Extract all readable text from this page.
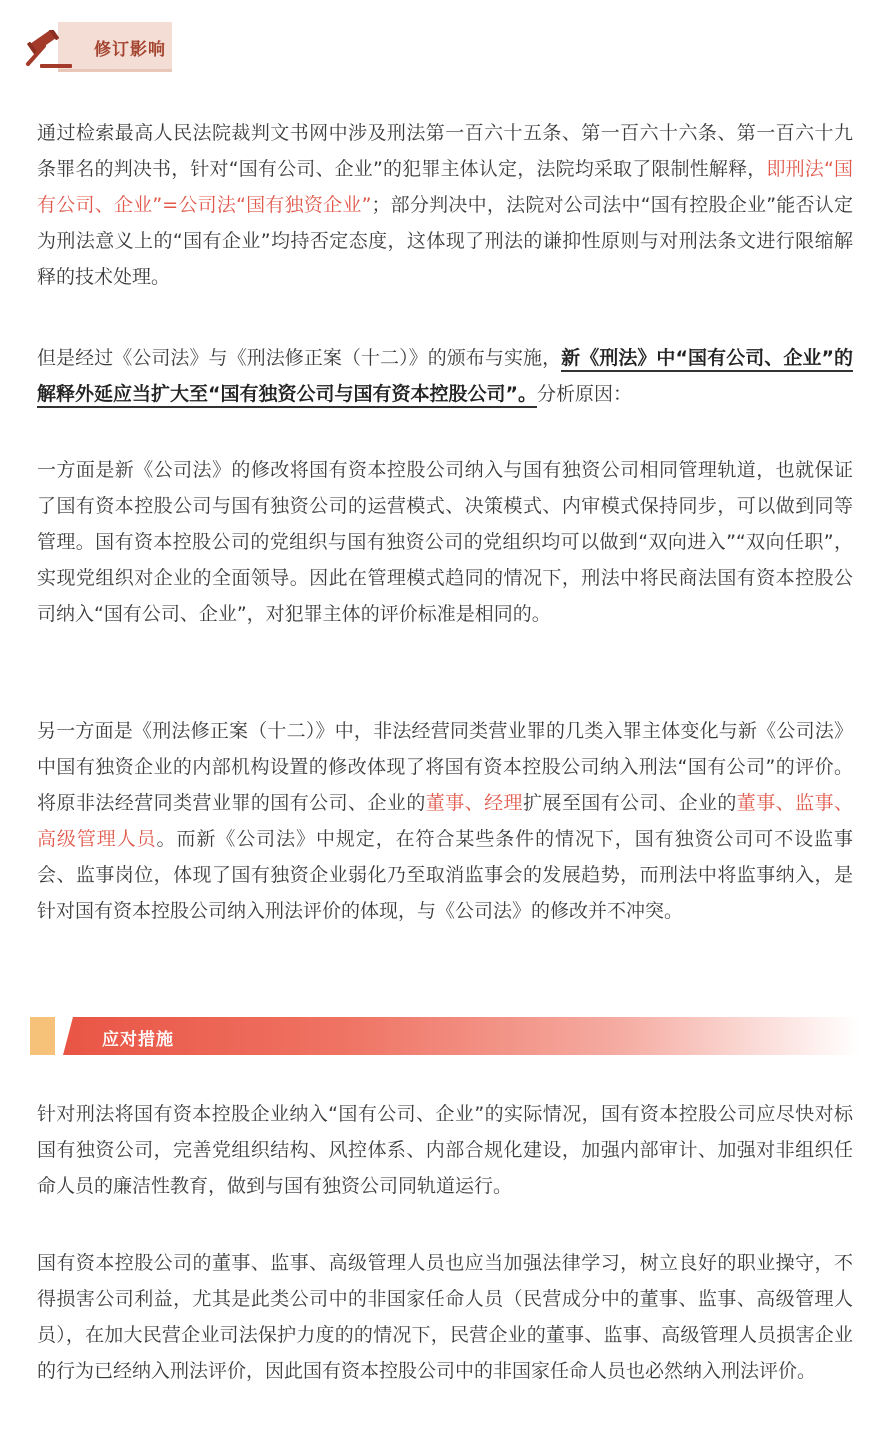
修订影响

通过检索最高人民法院裁判文书网中涉及刑法第一百六十五条、第一百六十六条、第一百六十九条罪名的判决书，针对“国有公司、企业”的犯罪主体认定，法院均采取了限制性解释，即刑法“国有公司、企业”=公司法“国有独资企业”；部分判决中，法院对公司法中“国有控股企业”能否认定为刑法意义上的“国有企业”均持否定态度，这体现了刑法的谦抑性原则与对刑法条文进行限缩解释的技术处理。

但是经过《公司法》与《刑法修正案（十二）》的颁布与实施，新《刑法》中“国有公司、企业”的解释外延应当扩大至“国有独资公司与国有资本控股公司”。分析原因：

一方面是新《公司法》的修改将国有资本控股公司纳入与国有独资公司相同管理轨道，也就保证了国有资本控股公司与国有独资公司的运营模式、决策模式、内审模式保持同步，可以做到同等管理。国有资本控股公司的党组织与国有独资公司的党组织均可以做到“双向进入”“双向任职”，实现党组织对企业的全面领导。因此在管理模式趋同的情况下，刑法中将民商法国有资本控股公司纳入“国有公司、企业”，对犯罪主体的评价标准是相同的。

另一方面是《刑法修正案（十二）》中，非法经营同类营业罪的几类入罪主体变化与新《公司法》中国有独资企业的内部机构设置的修改体现了将国有资本控股公司纳入刑法“国有公司”的评价。将原非法经营同类营业罪的国有公司、企业的董事、经理扩展至国有公司、企业的董事、监事、高级管理人员。而新《公司法》中规定，在符合某些条件的情况下，国有独资公司可不设监事会、监事岗位，体现了国有独资企业弱化乃至取消监事会的发展趋势，而刑法中将监事纳入，是针对国有资本控股公司纳入刑法评价的体现，与《公司法》的修改并不冲突。

应对措施

针对刑法将国有资本控股企业纳入“国有公司、企业”的实际情况，国有资本控股公司应尽快对标国有独资公司，完善党组织结构、风控体系、内部合规化建设，加强内部审计、加强对非组织任命人员的廉洁性教育，做到与国有独资公司同轨道运行。

国有资本控股公司的董事、监事、高级管理人员也应当加强法律学习，树立良好的职业操守，不得损害公司利益，尤其是此类公司中的非国家任命人员（民营成分中的董事、监事、高级管理人员），在加大民营企业司法保护力度的的情况下，民营企业的董事、监事、高级管理人员损害企业的行为已经纳入刑法评价，因此国有资本控股公司中的非国家任命人员也必然纳入刑法评价。
